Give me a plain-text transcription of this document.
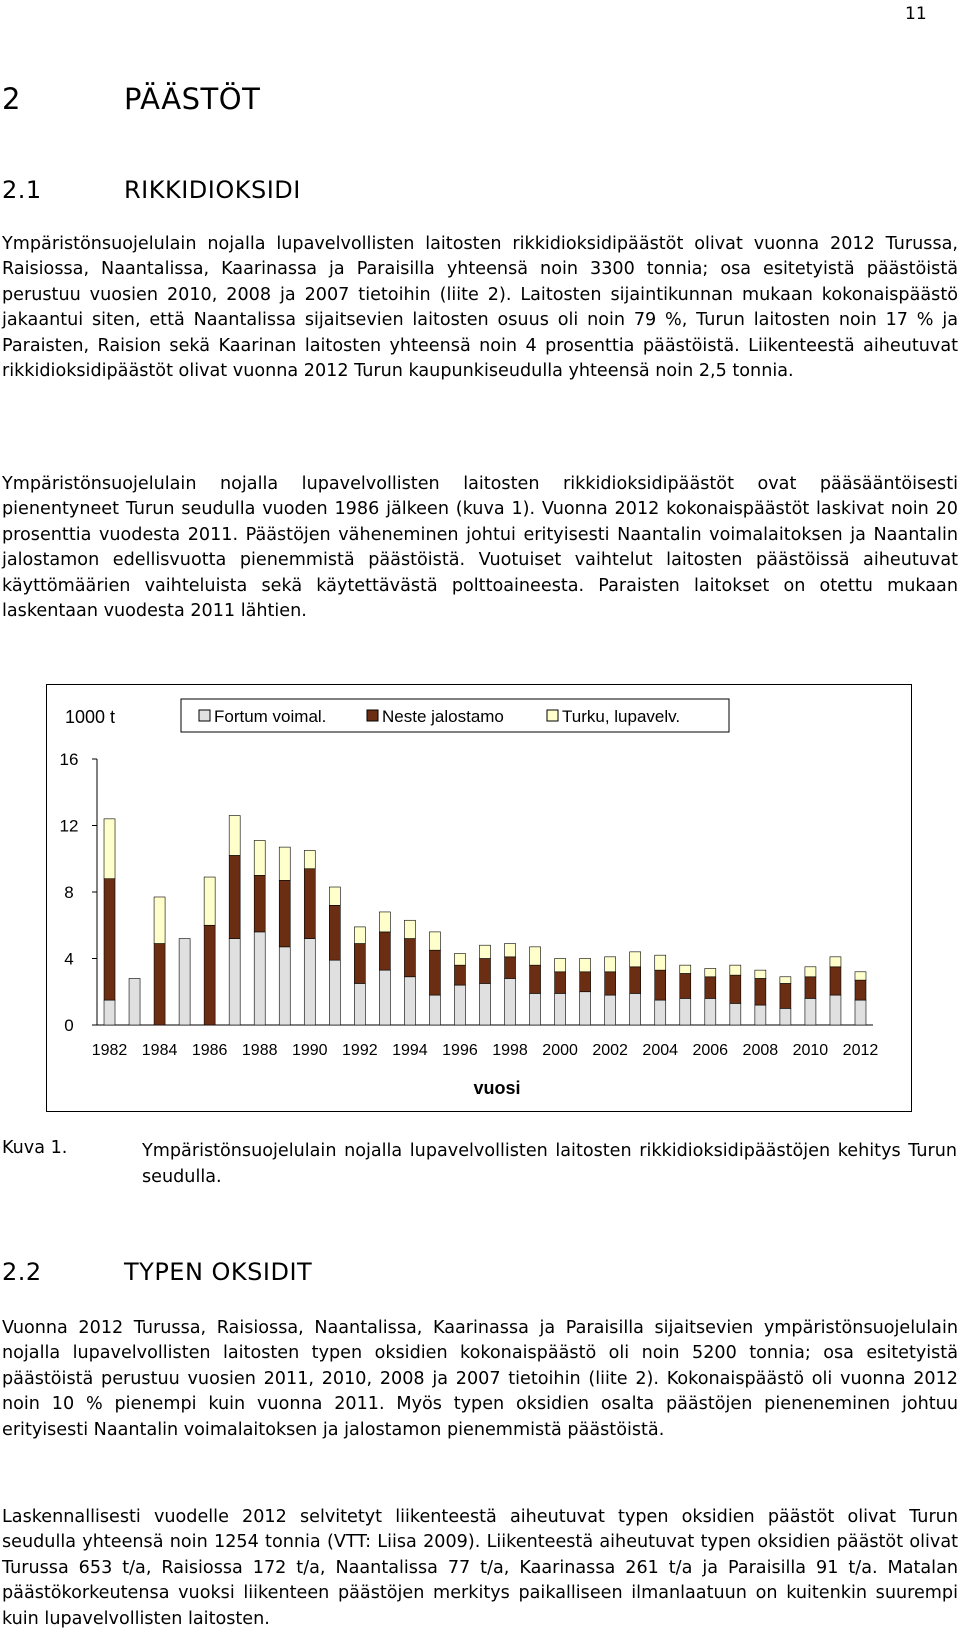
11
2	PÄÄSTÖT
2.1	RIKKIDIOKSIDI
Ympäristönsuojelulain nojalla lupavelvollisten laitosten rikkidioksidipäästöt olivat vuonna 2012 Turussa, Raisiossa, Naantalissa, Kaarinassa ja Paraisilla yhteensä noin 3300 tonnia; osa esitetyistä päästöistä perustuu vuosien 2010, 2008 ja 2007 tietoihin (liite 2). Laitosten sijaintikunnan mukaan kokonaispäästö jakaantui siten, että Naantalissa sijaitsevien laitosten osuus oli noin 79 %, Turun laitosten noin 17 % ja Paraisten, Raision sekä Kaarinan laitosten yhteensä noin 4 prosenttia päästöistä. Liikenteestä aiheutuvat rikkidioksidipäästöt olivat vuonna 2012 Turun kaupunkiseudulla yhteensä noin 2,5 tonnia.
Ympäristönsuojelulain nojalla lupavelvollisten laitosten rikkidioksidipäästöt ovat pääsääntöisesti pienentyneet Turun seudulla vuoden 1986 jälkeen (kuva 1). Vuonna 2012 kokonaispäästöt laskivat noin 20 prosenttia vuodesta 2011. Päästöjen väheneminen johtui erityisesti Naantalin voimalaitoksen ja Naantalin jalostamon edellisvuotta pienemmistä päästöistä. Vuotuiset vaihtelut laitosten päästöissä aiheutuvat käyttömäärien vaihteluista sekä käytettävästä polttoaineesta. Paraisten laitokset on otettu mukaan laskentaan vuodesta 2011 lähtien.
Fortum voimal.	Neste jalostamo	Turku, lupavelv.
1000 t
0
4
8
12
16
1982 1984 1986 1988 1990 1992 1994 1996 1998 2000 2002 2004 2006 2008 2010 2012
vuosi
Kuva 1.	Ympäristönsuojelulain nojalla lupavelvollisten laitosten rikkidioksidipäästöjen kehitys Turun seudulla.
2.2	TYPEN OKSIDIT
Vuonna 2012 Turussa, Raisiossa, Naantalissa, Kaarinassa ja Paraisilla sijaitsevien ympäristönsuojelulain nojalla lupavelvollisten laitosten typen oksidien kokonaispäästö oli noin 5200 tonnia; osa esitetyistä päästöistä perustuu vuosien 2011, 2010, 2008 ja 2007 tietoihin (liite 2). Kokonaispäästö oli vuonna 2012 noin 10 % pienempi kuin vuonna 2011. Myös typen oksidien osalta päästöjen pieneneminen johtuu erityisesti Naantalin voimalaitoksen ja jalostamon pienemmistä päästöistä.
Laskennallisesti vuodelle 2012 selvitetyt liikenteestä aiheutuvat typen oksidien päästöt olivat Turun seudulla yhteensä noin 1254 tonnia (VTT: Liisa 2009). Liikenteestä aiheutuvat typen oksidien päästöt olivat Turussa 653 t/a, Raisiossa 172 t/a, Naantalissa 77 t/a, Kaarinassa 261 t/a ja Paraisilla 91 t/a. Matalan päästökorkeutensa vuoksi liikenteen päästöjen merkitys paikalliseen ilmanlaatuun on kuitenkin suurempi kuin lupavelvollisten laitosten.
